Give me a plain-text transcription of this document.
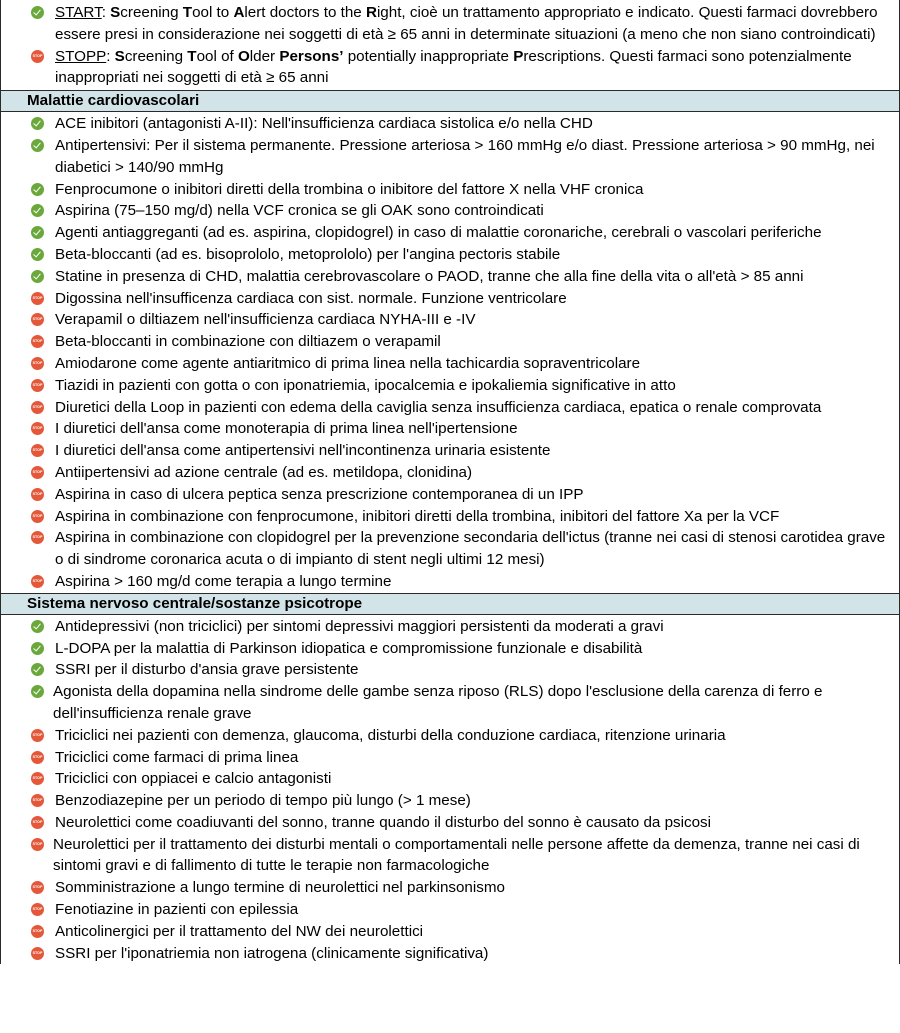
START: Screening Tool to Alert doctors to the Right, cioè un trattamento appropriato e indicato. Questi farmaci dovrebbero essere presi in considerazione nei soggetti di età ≥ 65 anni in determinate situazioni (a meno che non siano controindicati)
STOP
STOPP: Screening Tool of Older Persons’ potentially inappropriate Prescriptions. Questi farmaci sono potenzialmente inappropriati nei soggetti di età ≥ 65 anni
Malattie cardiovascolari
ACE inibitori (antagonisti A-II): Nell'insufficienza cardiaca sistolica e/o nella CHD
Antipertensivi: Per il sistema permanente. Pressione arteriosa > 160 mmHg e/o diast. Pressione arteriosa > 90 mmHg, nei diabetici > 140/90 mmHg
Fenprocumone o inibitori diretti della trombina o inibitore del fattore X nella VHF cronica
Aspirina (75–150 mg/d) nella VCF cronica se gli OAK sono controindicati
Agenti antiaggreganti (ad es. aspirina, clopidogrel) in caso di malattie coronariche, cerebrali o vascolari periferiche
Beta-bloccanti (ad es. bisoprololo, metoprololo) per l'angina pectoris stabile
Statine in presenza di CHD, malattia cerebrovascolare o PAOD, tranne che alla fine della vita o all'età > 85 anni
STOP
Digossina nell'insufficenza cardiaca con sist. normale. Funzione ventricolare
STOP
Verapamil o diltiazem nell'insufficienza cardiaca NYHA-III e -IV
STOP
Beta-bloccanti in combinazione con diltiazem o verapamil
STOP
Amiodarone come agente antiaritmico di prima linea nella tachicardia sopraventricolare
STOP
Tiazidi in pazienti con gotta o con iponatriemia, ipocalcemia e ipokaliemia significative in atto
STOP
Diuretici della Loop in pazienti con edema della caviglia senza insufficienza cardiaca, epatica o renale comprovata
STOP
I diuretici dell'ansa come monoterapia di prima linea nell'ipertensione
STOP
I diuretici dell'ansa come antipertensivi nell'incontinenza urinaria esistente
STOP
Antiipertensivi ad azione centrale (ad es. metildopa, clonidina)
STOP
Aspirina in caso di ulcera peptica senza prescrizione contemporanea di un IPP
STOP
Aspirina in combinazione con fenprocumone, inibitori diretti della trombina, inibitori del fattore Xa per la VCF
STOP
Aspirina in combinazione con clopidogrel per la prevenzione secondaria dell'ictus (tranne nei casi di stenosi carotidea grave o di sindrome coronarica acuta o di impianto di stent negli ultimi 12 mesi)
STOP
Aspirina > 160 mg/d come terapia a lungo termine
Sistema nervoso centrale/sostanze psicotrope
Antidepressivi (non triciclici) per sintomi depressivi maggiori persistenti da moderati a gravi
L-DOPA per la malattia di Parkinson idiopatica e compromissione funzionale e disabilità
SSRI per il disturbo d'ansia grave persistente
Agonista della dopamina nella sindrome delle gambe senza riposo (RLS) dopo l'esclusione della carenza di ferro e dell'insufficienza renale grave
STOP
Triciclici nei pazienti con demenza, glaucoma, disturbi della conduzione cardiaca, ritenzione urinaria
STOP
Triciclici come farmaci di prima linea
STOP
Triciclici con oppiacei e calcio antagonisti
STOP
Benzodiazepine per un periodo di tempo più lungo (> 1 mese)
STOP
Neurolettici come coadiuvanti del sonno, tranne quando il disturbo del sonno è causato da psicosi
STOP
Neurolettici per il trattamento dei disturbi mentali o comportamentali nelle persone affette da demenza, tranne nei casi di sintomi gravi e di fallimento di tutte le terapie non farmacologiche
STOP
Somministrazione a lungo termine di neurolettici nel parkinsonismo
STOP
Fenotiazine in pazienti con epilessia
STOP
Anticolinergici per il trattamento del NW dei neurolettici
STOP
SSRI per l'iponatriemia non iatrogena (clinicamente significativa)
